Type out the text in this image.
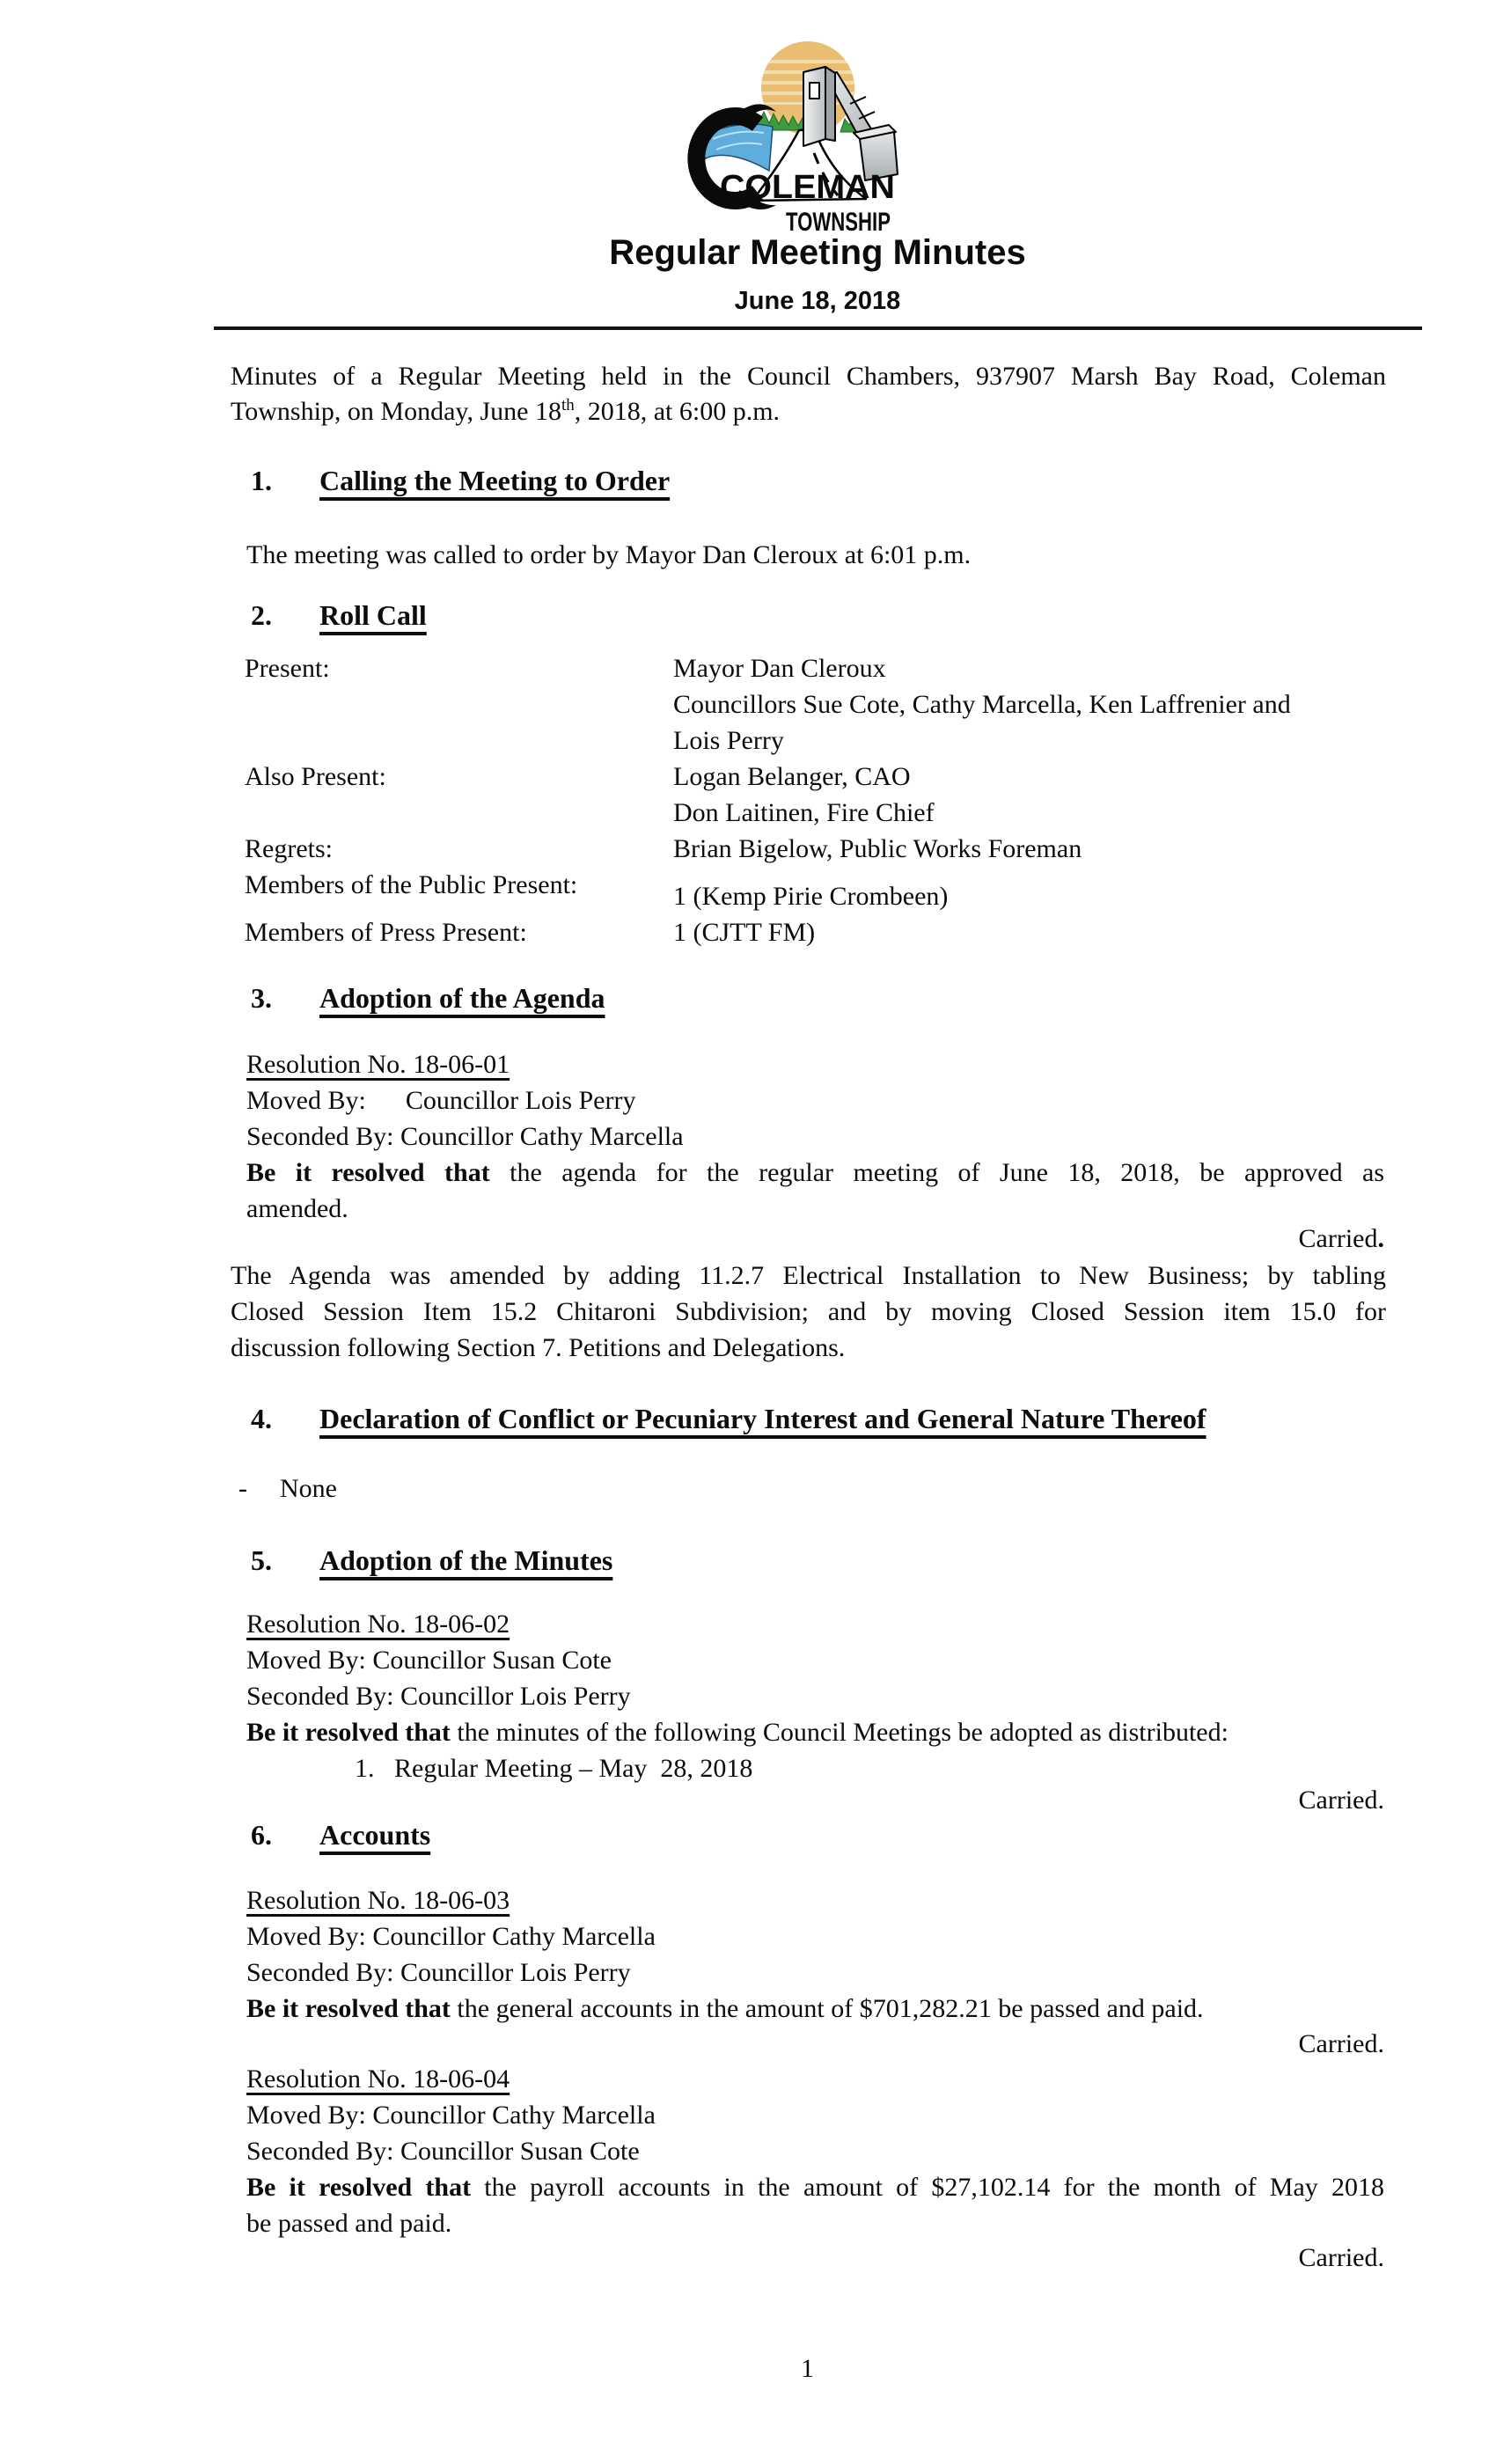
COLEMAN
TOWNSHIP
Regular Meeting Minutes
June 18, 2018
Minutes of a Regular Meeting held in the Council Chambers, 937907 Marsh Bay Road, Coleman
Township, on Monday, June 18th, 2018, at 6:00 p.m.
1. Calling the Meeting to Order
The meeting was called to order by Mayor Dan Cleroux at 6:01 p.m.
2. Roll Call
Present:	Mayor Dan Cleroux
Councillors Sue Cote, Cathy Marcella, Ken Laffrenier and
Lois Perry
Also Present:	Logan Belanger, CAO
Don Laitinen, Fire Chief
Regrets:	Brian Bigelow, Public Works Foreman
Members of the Public Present:	1 (Kemp Pirie Crombeen)
Members of Press Present:	1 (CJTT FM)
3. Adoption of the Agenda
Resolution No. 18-06-01
Moved By:      Councillor Lois Perry
Seconded By: Councillor Cathy Marcella
Be it resolved that the agenda for the regular meeting of June 18, 2018, be approved as
amended.
Carried.
The Agenda was amended by adding 11.2.7 Electrical Installation to New Business; by tabling
Closed Session Item 15.2 Chitaroni Subdivision; and by moving Closed Session item 15.0 for
discussion following Section 7. Petitions and Delegations.
4. Declaration of Conflict or Pecuniary Interest and General Nature Thereof
- None
5. Adoption of the Minutes
Resolution No. 18-06-02
Moved By: Councillor Susan Cote
Seconded By: Councillor Lois Perry
Be it resolved that the minutes of the following Council Meetings be adopted as distributed:
1.   Regular Meeting – May  28, 2018
Carried.
6. Accounts
Resolution No. 18-06-03
Moved By: Councillor Cathy Marcella
Seconded By: Councillor Lois Perry
Be it resolved that the general accounts in the amount of $701,282.21 be passed and paid.
Carried.
Resolution No. 18-06-04
Moved By: Councillor Cathy Marcella
Seconded By: Councillor Susan Cote
Be it resolved that the payroll accounts in the amount of $27,102.14 for the month of May 2018
be passed and paid.
Carried.
1
